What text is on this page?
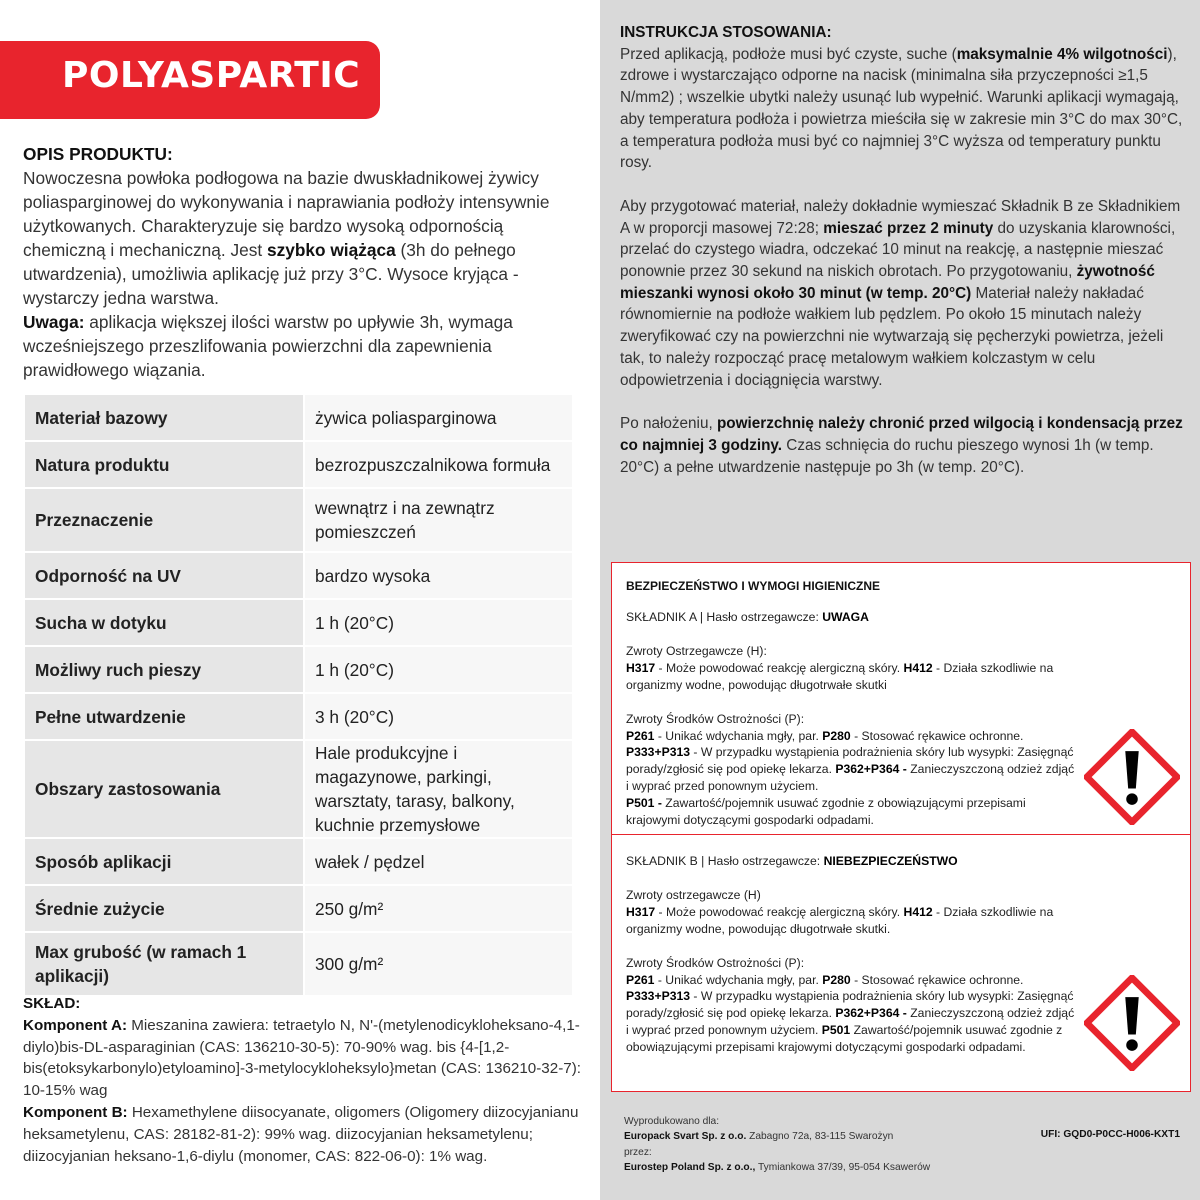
POLYASPARTIC
OPIS PRODUKTU:
Nowoczesna powłoka podłogowa na bazie dwuskładnikowej żywicy poliasparginowej do wykonywania i naprawiania podłoży intensywnie użytkowanych. Charakteryzuje się bardzo wysoką odpornością chemiczną i mechaniczną. Jest szybko wiążąca (3h do pełnego utwardzenia), umożliwia aplikację już przy 3°C. Wysoce kryjąca - wystarczy jedna warstwa.
Uwaga: aplikacja większej ilości warstw po upływie 3h, wymaga wcześniejszego przeszlifowania powierzchni dla zapewnienia prawidłowego wiązania.
Materiał bazowy	żywica poliasparginowa
Natura produktu	bezrozpuszczalnikowa formuła
Przeznaczenie	wewnątrz i na zewnątrz pomieszczeń
Odporność na UV	bardzo wysoka
Sucha w dotyku	1 h (20°C)
Możliwy ruch pieszy	1 h (20°C)
Pełne utwardzenie	3 h (20°C)
Obszary zastosowania	Hale produkcyjne i magazynowe, parkingi, warsztaty, tarasy, balkony, kuchnie przemysłowe
Sposób aplikacji	wałek / pędzel
Średnie zużycie	250 g/m²
Max grubość (w ramach 1 aplikacji)	300 g/m²
SKŁAD:
Komponent A: Mieszanina zawiera: tetraetylo N, N'-(metylenodicykloheksano-4,1-diylo)bis-DL-asparaginian (CAS: 136210-30-5): 70-90% wag. bis {4-[1,2-bis(etoksykarbonylo)etyloamino]-3-metylocykloheksylo}metan (CAS: 136210-32-7): 10-15% wag
Komponent B: Hexamethylene diisocyanate, oligomers (Oligomery diizocyjanianu heksametylenu, CAS: 28182-81-2): 99% wag. diizocyjanian heksametylenu; diizocyjanian heksano-1,6-diylu (monomer, CAS: 822-06-0): 1% wag.

INSTRUKCJA STOSOWANIA:

Przed aplikacją, podłoże musi być czyste, suche (maksymalnie 4% wilgotności), zdrowe i wystarczająco odporne na nacisk (minimalna siła przyczepności ≥1,5 N/mm2) ; wszelkie ubytki należy usunąć lub wypełnić. Warunki aplikacji wymagają, aby temperatura podłoża i powietrza mieściła się w zakresie min 3°C do max 30°C, a temperatura podłoża musi być co najmniej 3°C wyższa od temperatury punktu rosy.

Aby przygotować materiał, należy dokładnie wymieszać Składnik B ze Składnikiem A w proporcji masowej 72:28; mieszać przez 2 minuty do uzyskania klarowności, przelać do czystego wiadra, odczekać 10 minut na reakcję, a następnie mieszać ponownie przez 30 sekund na niskich obrotach. Po przygotowaniu, żywotność mieszanki wynosi około 30 minut (w temp. 20°C) Materiał należy nakładać równomiernie na podłoże wałkiem lub pędzlem. Po około 15 minutach należy zweryfikować czy na powierzchni nie wytwarzają się pęcherzyki powietrza, jeżeli tak, to należy rozpocząć pracę metalowym wałkiem kolczastym w celu odpowietrzenia i dociągnięcia warstwy.

Po nałożeniu, powierzchnię należy chronić przed wilgocią i kondensacją przez co najmniej 3 godziny. Czas schnięcia do ruchu pieszego wynosi 1h (w temp. 20°C) a pełne utwardzenie następuje po 3h (w temp. 20°C).

BEZPIECZEŃSTWO I WYMOGI HIGIENICZNE
SKŁADNIK A | Hasło ostrzegawcze: UWAGA
Zwroty Ostrzegawcze (H):
H317 - Może powodować reakcję alergiczną skóry. H412 - Działa szkodliwie na organizmy wodne, powodując długotrwałe skutki
Zwroty Środków Ostrożności (P):
P261 - Unikać wdychania mgły, par. P280 - Stosować rękawice ochronne.
P333+P313 - W przypadku wystąpienia podrażnienia skóry lub wysypki: Zasięgnąć porady/zgłosić się pod opiekę lekarza. P362+P364 - Zanieczyszczoną odzież zdjąć i wyprać przed ponownym użyciem.
P501 - Zawartość/pojemnik usuwać zgodnie z obowiązującymi przepisami krajowymi dotyczącymi gospodarki odpadami.
SKŁADNIK B | Hasło ostrzegawcze: NIEBEZPIECZEŃSTWO
Zwroty ostrzegawcze (H)
H317 - Może powodować reakcję alergiczną skóry. H412 - Działa szkodliwie na organizmy wodne, powodując długotrwałe skutki.
Zwroty Środków Ostrożności (P):
P261 - Unikać wdychania mgły, par. P280 - Stosować rękawice ochronne.
P333+P313 - W przypadku wystąpienia podrażnienia skóry lub wysypki: Zasięgnąć porady/zgłosić się pod opiekę lekarza. P362+P364 - Zanieczyszczoną odzież zdjąć i wyprać przed ponownym użyciem. P501 Zawartość/pojemnik usuwać zgodnie z obowiązującymi przepisami krajowymi dotyczącymi gospodarki odpadami.
Wyprodukowano dla:
Europack Svart Sp. z o.o. Zabagno 72a, 83-115 Swarożyn
przez:
Eurostep Poland Sp. z o.o., Tymiankowa 37/39, 95-054 Ksawerów
UFI: GQD0-P0CC-H006-KXT1
